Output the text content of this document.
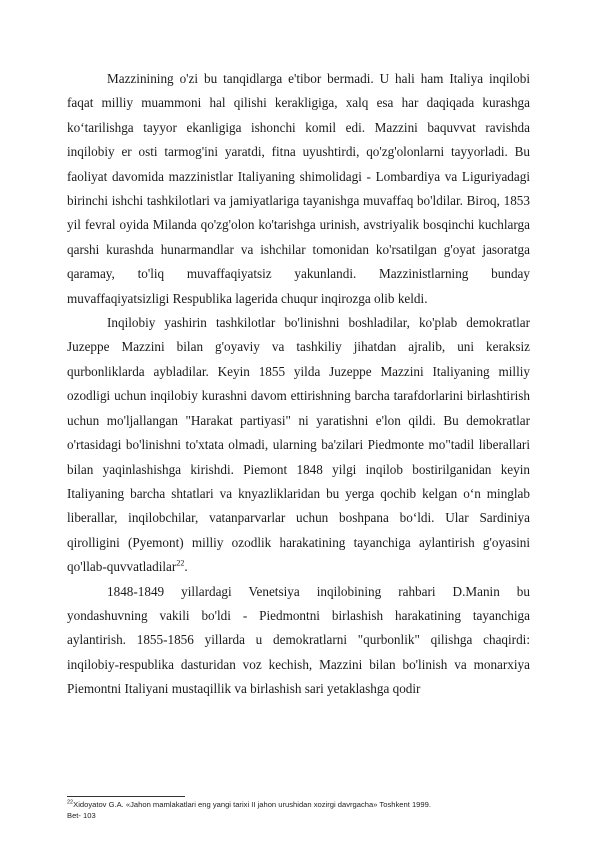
Mazzinining o'zi bu tanqidlarga e'tibor bermadi. U hali ham Italiya inqilobi faqat milliy muammoni hal qilishi kerakligiga, xalq esa har daqiqada kurashga ko‘tarilishga tayyor ekanligiga ishonchi komil edi. Mazzini baquvvat ravishda inqilobiy er osti tarmog'ini yaratdi, fitna uyushtirdi, qo'zg'olonlarni tayyorladi. Bu faoliyat davomida mazzinistlar Italiyaning shimolidagi - Lombardiya va Liguriyadagi birinchi ishchi tashkilotlari va jamiyatlariga tayanishga muvaffaq bo'ldilar. Biroq, 1853 yil fevral oyida Milanda qo'zg'olon ko'tarishga urinish, avstriyalik bosqinchi kuchlarga qarshi kurashda hunarmandlar va ishchilar tomonidan ko'rsatilgan g'oyat jasoratga qaramay, to'liq muvaffaqiyatsiz yakunlandi. Mazzinistlarning bunday muvaffaqiyatsizligi Respublika lagerida chuqur inqirozga olib keldi.

Inqilobiy yashirin tashkilotlar bo'linishni boshladilar, ko'plab demokratlar Juzeppe Mazzini bilan g'oyaviy va tashkiliy jihatdan ajralib, uni keraksiz qurbonliklarda aybladilar. Keyin 1855 yilda Juzeppe Mazzini Italiyaning milliy ozodligi uchun inqilobiy kurashni davom ettirishning barcha tarafdorlarini birlashtirish uchun mo'ljallangan "Harakat partiyasi" ni yaratishni e'lon qildi. Bu demokratlar o'rtasidagi bo'linishni to'xtata olmadi, ularning ba'zilari Piedmonte mo"tadil liberallari bilan yaqinlashishga kirishdi. Piemont 1848 yilgi inqilob bostirilganidan keyin Italiyaning barcha shtatlari va knyazliklaridan bu yerga qochib kelgan o‘n minglab liberallar, inqilobchilar, vatanparvarlar uchun boshpana bo‘ldi. Ular Sardiniya qirolligini (Pyemont) milliy ozodlik harakatining tayanchiga aylantirish g'oyasini qo'llab-quvvatladilar$^{22}$.

1848-1849 yillardagi Venetsiya inqilobining rahbari D.Manin bu yondashuvning vakili bo'ldi - Piedmontni birlashish harakatining tayanchiga aylantirish. 1855-1856 yillarda u demokratlarni "qurbonlik" qilishga chaqirdi: inqilobiy-respublika dasturidan voz kechish, Mazzini bilan bo'linish va monarxiya Piemontni Italiyani mustaqillik va birlashish sari yetaklashga qodir

$^{22}$Xidoyatov G.A. «Jahon mamlakatlari eng yangi tarixi II jahon urushidan xozirgi davrgacha» Toshkent 1999.
Bet- 103
